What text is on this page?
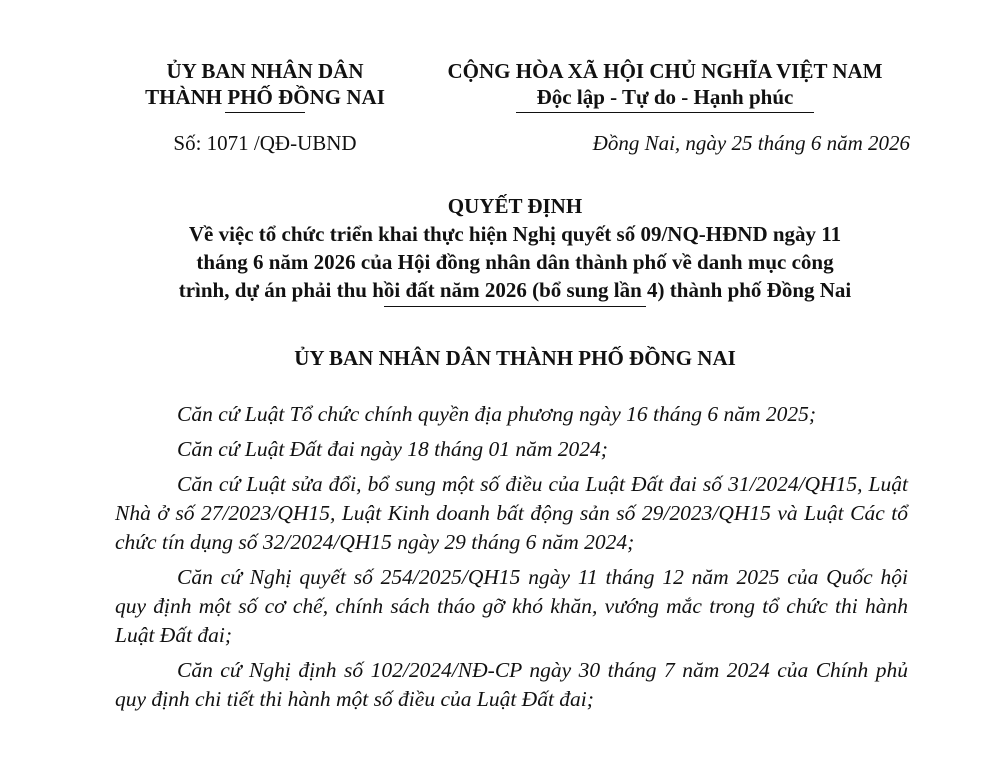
ỦY BAN NHÂN DÂN
THÀNH PHỐ ĐỒNG NAI
CỘNG HÒA XÃ HỘI CHỦ NGHĨA VIỆT NAM
Độc lập - Tự do - Hạnh phúc
Số: 1071 /QĐ-UBND	Đồng Nai, ngày 25 tháng 6 năm 2026
QUYẾT ĐỊNH
Về việc tổ chức triển khai thực hiện Nghị quyết số 09/NQ-HĐND ngày 11
tháng 6 năm 2026 của Hội đồng nhân dân thành phố về danh mục công
trình, dự án phải thu hồi đất năm 2026 (bổ sung lần 4) thành phố Đồng Nai
ỦY BAN NHÂN DÂN THÀNH PHỐ ĐỒNG NAI

Căn cứ Luật Tổ chức chính quyền địa phương ngày 16 tháng 6 năm 2025;

Căn cứ Luật Đất đai ngày 18 tháng 01 năm 2024;

Căn cứ Luật sửa đổi, bổ sung một số điều của Luật Đất đai số 31/2024/QH15, Luật Nhà ở số 27/2023/QH15, Luật Kinh doanh bất động sản số 29/2023/QH15 và Luật Các tổ chức tín dụng số 32/2024/QH15 ngày 29 tháng 6 năm 2024;

Căn cứ Nghị quyết số 254/2025/QH15 ngày 11 tháng 12 năm 2025 của Quốc hội quy định một số cơ chế, chính sách tháo gỡ khó khăn, vướng mắc trong tổ chức thi hành Luật Đất đai;

Căn cứ Nghị định số 102/2024/NĐ-CP ngày 30 tháng 7 năm 2024 của Chính phủ quy định chi tiết thi hành một số điều của Luật Đất đai;
